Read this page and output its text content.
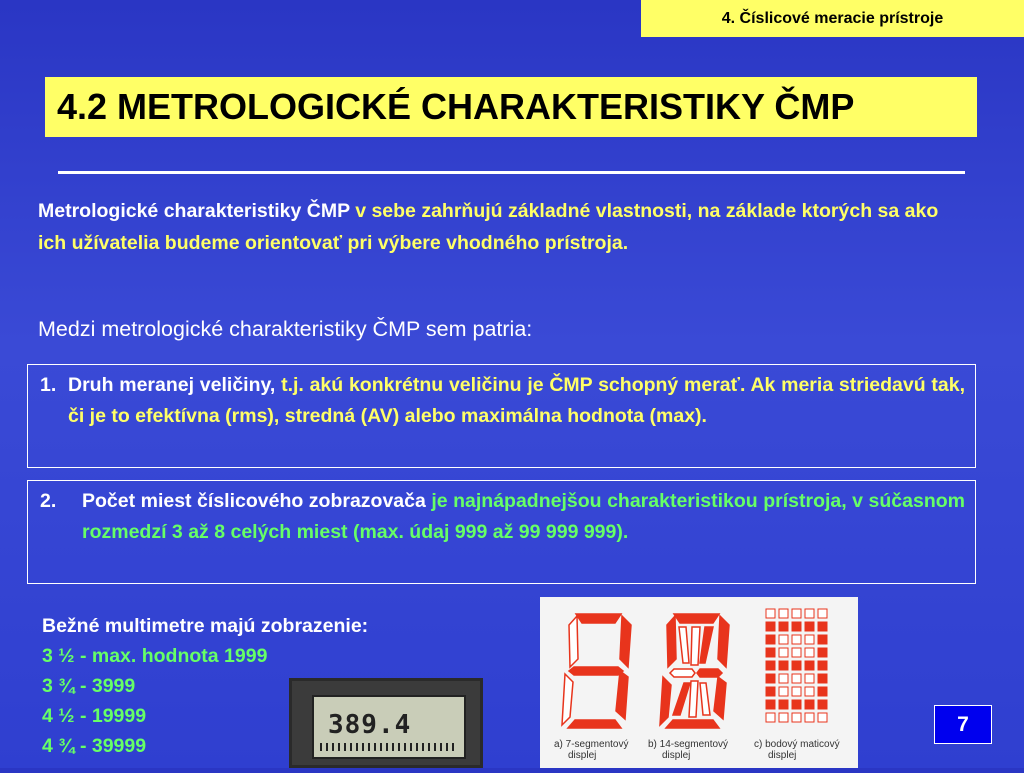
4. Číslicové meracie prístroje
4.2 METROLOGICKÉ CHARAKTERISTIKY ČMP
Metrologické charakteristiky ČMP v sebe zahrňujú základné vlastnosti, na základe ktorých sa ako ich užívatelia budeme orientovať pri výbere vhodného prístroja.
Medzi metrologické charakteristiky ČMP sem patria:
1. Druh meranej veličiny, t.j. akú konkrétnu veličinu je ČMP schopný merať. Ak meria striedavú tak, či je to efektívna (rms), stredná (AV) alebo maximálna hodnota (max).
2.	Počet miest číslicového zobrazovača je najnápadnejšou charakteristikou prístroja, v súčasnom rozmedzí 3 až 8 celých miest (max. údaj 999 až 99 999 999).
Bežné multimetre majú zobrazenie:
3 ½ - max. hodnota 1999
3 ¾ - 3999
4 ½ - 19999
4 ¾ - 39999
389.4
a) 7-segmentový
displej
b) 14-segmentový
displej
c) bodový maticový
displej
7
